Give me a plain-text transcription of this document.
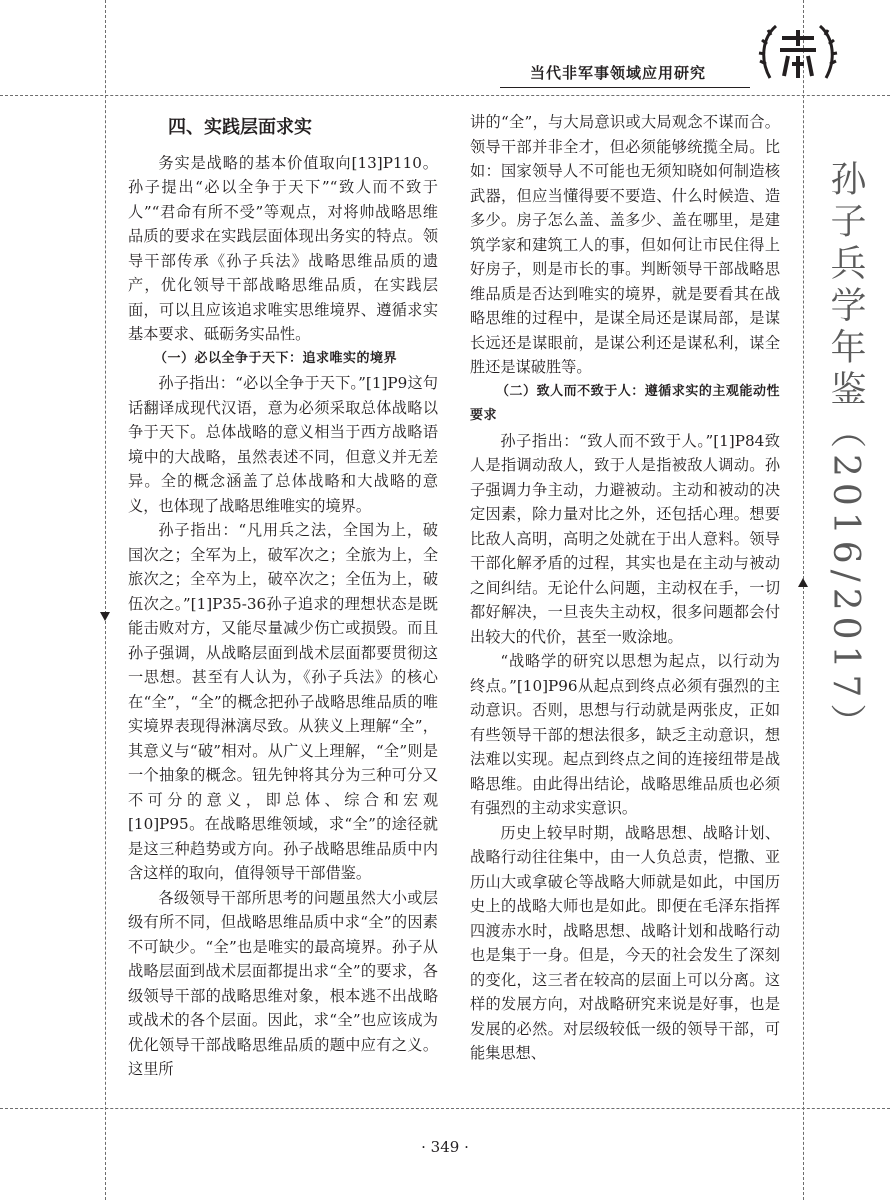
当代非军事领域应用研究
孙子兵学年鉴（2016/2017）
四、实践层面求实

务实是战略的基本价值取向[13]P110。孙子提出“必以全争于天下”“致人而不致于人”“君命有所不受”等观点，对将帅战略思维品质的要求在实践层面体现出务实的特点。领导干部传承《孙子兵法》战略思维品质的遗产，优化领导干部战略思维品质，在实践层面，可以且应该追求唯实思维境界、遵循求实基本要求、砥砺务实品性。

（一）必以全争于天下：追求唯实的境界

孙子指出：“必以全争于天下。”[1]P9这句话翻译成现代汉语，意为必须采取总体战略以争于天下。总体战略的意义相当于西方战略语境中的大战略，虽然表述不同，但意义并无差异。全的概念涵盖了总体战略和大战略的意义，也体现了战略思维唯实的境界。

孙子指出：“凡用兵之法，全国为上，破国次之；全军为上，破军次之；全旅为上，全旅次之；全卒为上，破卒次之；全伍为上，破伍次之。”[1]P35-36孙子追求的理想状态是既能击败对方，又能尽量减少伤亡或损毁。而且孙子强调，从战略层面到战术层面都要贯彻这一思想。甚至有人认为，《孙子兵法》的核心在“全”，“全”的概念把孙子战略思维品质的唯实境界表现得淋漓尽致。从狭义上理解“全”，其意义与“破”相对。从广义上理解，“全”则是一个抽象的概念。钮先钟将其分为三种可分又不可分的意义，即总体、综合和宏观[10]P95。在战略思维领域，求“全”的途径就是这三种趋势或方向。孙子战略思维品质中内含这样的取向，值得领导干部借鉴。

各级领导干部所思考的问题虽然大小或层级有所不同，但战略思维品质中求“全”的因素不可缺少。“全”也是唯实的最高境界。孙子从战略层面到战术层面都提出求“全”的要求，各级领导干部的战略思维对象，根本逃不出战略或战术的各个层面。因此，求“全”也应该成为优化领导干部战略思维品质的题中应有之义。这里所

讲的“全”，与大局意识或大局观念不谋而合。领导干部并非全才，但必须能够统揽全局。比如：国家领导人不可能也无须知晓如何制造核武器，但应当懂得要不要造、什么时候造、造多少。房子怎么盖、盖多少、盖在哪里，是建筑学家和建筑工人的事，但如何让市民住得上好房子，则是市长的事。判断领导干部战略思维品质是否达到唯实的境界，就是要看其在战略思维的过程中，是谋全局还是谋局部，是谋长远还是谋眼前，是谋公利还是谋私利，谋全胜还是谋破胜等。

（二）致人而不致于人：遵循求实的主观能动性要求

孙子指出：“致人而不致于人。”[1]P84致人是指调动敌人，致于人是指被敌人调动。孙子强调力争主动，力避被动。主动和被动的决定因素，除力量对比之外，还包括心理。想要比敌人高明，高明之处就在于出人意料。领导干部化解矛盾的过程，其实也是在主动与被动之间纠结。无论什么问题，主动权在手，一切都好解决，一旦丧失主动权，很多问题都会付出较大的代价，甚至一败涂地。

“战略学的研究以思想为起点，以行动为终点。”[10]P96从起点到终点必须有强烈的主动意识。否则，思想与行动就是两张皮，正如有些领导干部的想法很多，缺乏主动意识，想法难以实现。起点到终点之间的连接纽带是战略思维。由此得出结论，战略思维品质也必须有强烈的主动求实意识。

历史上较早时期，战略思想、战略计划、战略行动往往集中，由一人负总责，恺撒、亚历山大或拿破仑等战略大师就是如此，中国历史上的战略大师也是如此。即便在毛泽东指挥四渡赤水时，战略思想、战略计划和战略行动也是集于一身。但是，今天的社会发生了深刻的变化，这三者在较高的层面上可以分离。这样的发展方向，对战略研究来说是好事，也是发展的必然。对层级较低一级的领导干部，可能集思想、

· 349 ·
